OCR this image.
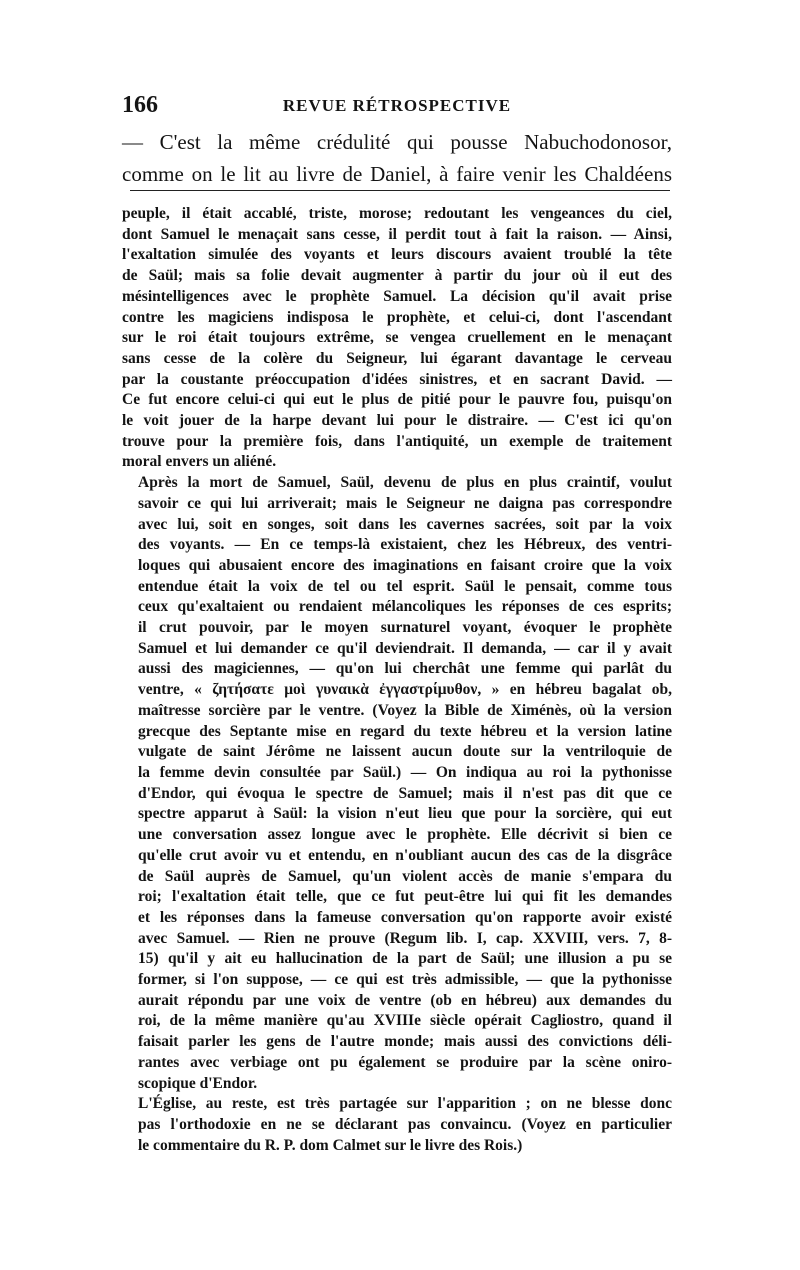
166	REVUE RÉTROSPECTIVE

— C'est la même crédulité qui pousse Nabuchodonosor,

comme on le lit au livre de Daniel, à faire venir les Chaldéens

peuple, il était accablé, triste, morose; redoutant les vengeances du ciel,
dont Samuel le menaçait sans cesse, il perdit tout à fait la raison. — Ainsi,
l'exaltation simulée des voyants et leurs discours avaient troublé la tête
de Saül; mais sa folie devait augmenter à partir du jour où il eut des
mésintelligences avec le prophète Samuel. La décision qu'il avait prise
contre les magiciens indisposa le prophète, et celui-ci, dont l'ascendant
sur le roi était toujours extrême, se vengea cruellement en le menaçant
sans cesse de la colère du Seigneur, lui égarant davantage le cerveau
par la coustante préoccupation d'idées sinistres, et en sacrant David. —
Ce fut encore celui-ci qui eut le plus de pitié pour le pauvre fou, puisqu'on
le voit jouer de la harpe devant lui pour le distraire. — C'est ici qu'on
trouve pour la première fois, dans l'antiquité, un exemple de traitement
moral envers un aliéné.

Après la mort de Samuel, Saül, devenu de plus en plus craintif, voulut
savoir ce qui lui arriverait; mais le Seigneur ne daigna pas correspondre
avec lui, soit en songes, soit dans les cavernes sacrées, soit par la voix
des voyants. — En ce temps-là existaient, chez les Hébreux, des ventri-
loques qui abusaient encore des imaginations en faisant croire que la voix
entendue était la voix de tel ou tel esprit. Saül le pensait, comme tous
ceux qu'exaltaient ou rendaient mélancoliques les réponses de ces esprits;
il crut pouvoir, par le moyen surnaturel voyant, évoquer le prophète
Samuel et lui demander ce qu'il deviendrait. Il demanda, — car il y avait
aussi des magiciennes, — qu'on lui cherchât une femme qui parlât du
ventre, « ζητήσατε μοὶ γυναικὰ ἐγγαστρίμυθον, » en hébreu bagalat ob,
maîtresse sorcière par le ventre. (Voyez la Bible de Ximénès, où la version
grecque des Septante mise en regard du texte hébreu et la version latine
vulgate de saint Jérôme ne laissent aucun doute sur la ventriloquie de
la femme devin consultée par Saül.) — On indiqua au roi la pythonisse
d'Endor, qui évoqua le spectre de Samuel; mais il n'est pas dit que ce
spectre apparut à Saül: la vision n'eut lieu que pour la sorcière, qui eut
une conversation assez longue avec le prophète. Elle décrivit si bien ce
qu'elle crut avoir vu et entendu, en n'oubliant aucun des cas de la disgrâce
de Saül auprès de Samuel, qu'un violent accès de manie s'empara du
roi; l'exaltation était telle, que ce fut peut-être lui qui fit les demandes
et les réponses dans la fameuse conversation qu'on rapporte avoir existé
avec Samuel. — Rien ne prouve (Regum lib. I, cap. XXVIII, vers. 7, 8-
15) qu'il y ait eu hallucination de la part de Saül; une illusion a pu se
former, si l'on suppose, — ce qui est très admissible, — que la pythonisse
aurait répondu par une voix de ventre (ob en hébreu) aux demandes du
roi, de la même manière qu'au XVIIIe siècle opérait Cagliostro, quand il
faisait parler les gens de l'autre monde; mais aussi des convictions déli-
rantes avec verbiage ont pu également se produire par la scène oniro-
scopique d'Endor.

L'Église, au reste, est très partagée sur l'apparition ; on ne blesse donc
pas l'orthodoxie en ne se déclarant pas convaincu. (Voyez en particulier
le commentaire du R. P. dom Calmet sur le livre des Rois.)
